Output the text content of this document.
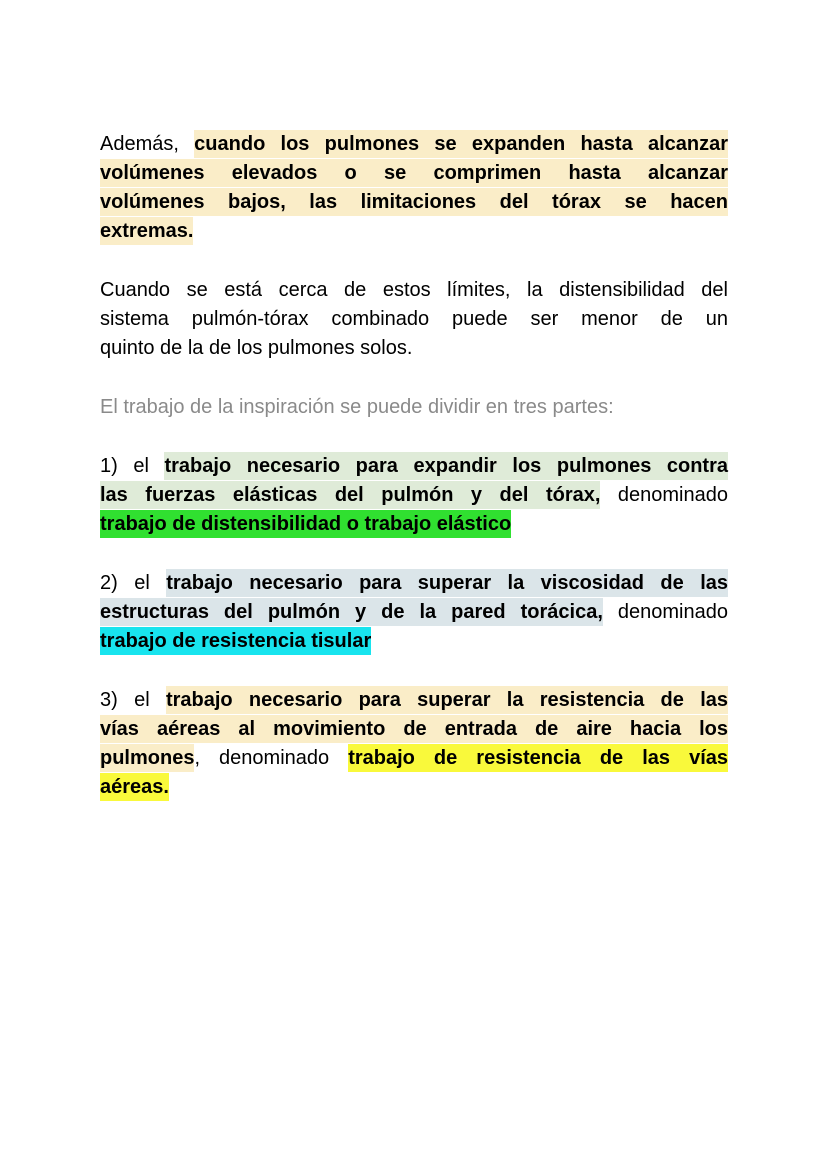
Además, cuando los pulmones se expanden hasta alcanzar
volúmenes elevados o se comprimen hasta alcanzar
volúmenes bajos, las limitaciones del tórax se hacen
extremas.
Cuando se está cerca de estos límites, la distensibilidad del
sistema pulmón-tórax combinado puede ser menor de un
quinto de la de los pulmones solos.
El trabajo de la inspiración se puede dividir en tres partes:
1) el trabajo necesario para expandir los pulmones contra
las fuerzas elásticas del pulmón y del tórax, denominado
trabajo de distensibilidad o trabajo elástico
2) el trabajo necesario para superar la viscosidad de las
estructuras del pulmón y de la pared torácica, denominado
trabajo de resistencia tisular
3) el trabajo necesario para superar la resistencia de las
vías aéreas al movimiento de entrada de aire hacia los
pulmones, denominado trabajo de resistencia de las vías
aéreas.
